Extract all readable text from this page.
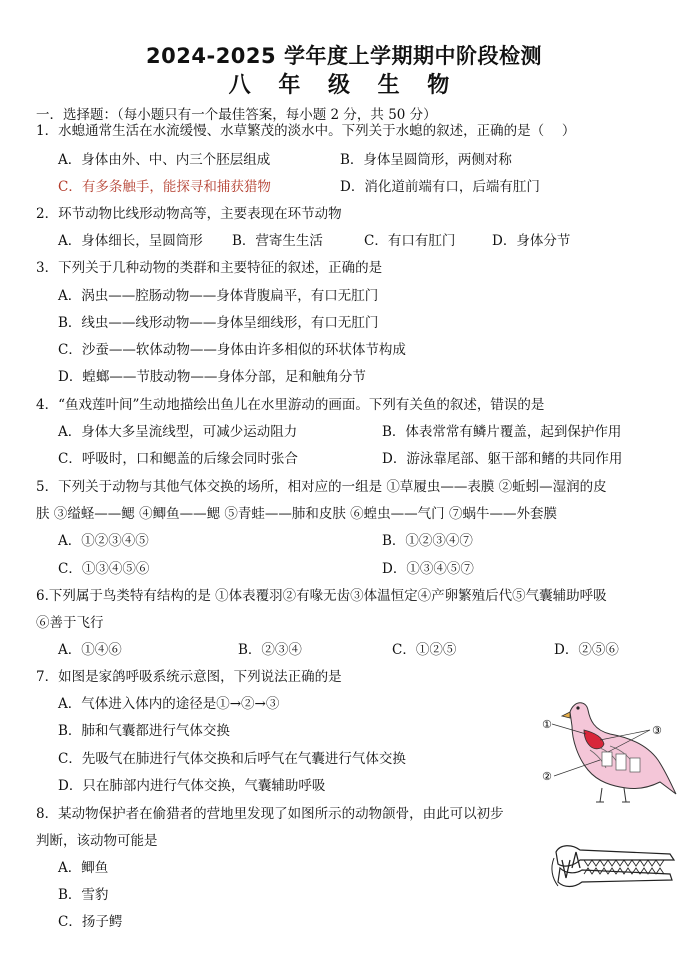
2024-2025 学年度上学期期中阶段检测
八 年 级 生 物
一．选择题：（每小题只有一个最佳答案，每小题 2 分，共 50 分）
1．水螅通常生活在水流缓慢、水草繁茂的淡水中。下列关于水螅的叙述，正确的是（　 ）
A．身体由外、中、内三个胚层组成	B．身体呈圆筒形，两侧对称
C．有多条触手，能探寻和捕获猎物	D．消化道前端有口，后端有肛门
2．环节动物比线形动物高等，主要表现在环节动物
A．身体细长，呈圆筒形 B．营寄生生活	C．有口有肛门	D．身体分节
3．下列关于几种动物的类群和主要特征的叙述，正确的是
A．涡虫——腔肠动物——身体背腹扁平，有口无肛门
B．线虫——线形动物——身体呈细线形，有口无肛门
C．沙蚕——软体动物——身体由许多相似的环状体节构成
D．蝗螂——节肢动物——身体分部，足和触角分节
4．“鱼戏莲叶间”生动地描绘出鱼儿在水里游动的画面。下列有关鱼的叙述，错误的是
A．身体大多呈流线型，可减少运动阻力	B．体表常常有鳞片覆盖，起到保护作用
C．呼吸时，口和鳃盖的后缘会同时张合	D．游泳靠尾部、躯干部和鳍的共同作用
5．下列关于动物与其他气体交换的场所，相对应的一组是 ①草履虫——表膜 ②蚯蚓—湿润的皮
肤 ③缢蛏——鳃 ④鲫鱼——鳃 ⑤青蛙——肺和皮肤 ⑥蝗虫——气门 ⑦蜗牛——外套膜
A．①②③④⑤	B．①②③④⑦
C．①③④⑤⑥	D．①③④⑤⑦
6.下列属于鸟类特有结构的是 ①体表覆羽②有喙无齿③体温恒定④产卵繁殖后代⑤气囊辅助呼吸
⑥善于飞行
A．①④⑥	B．②③④	C．①②⑤	D．②⑤⑥
7．如图是家鸽呼吸系统示意图，下列说法正确的是
A．气体进入体内的途径是①→②→③
B．肺和气囊都进行气体交换
C．先吸气在肺进行气体交换和后呼气在气囊进行气体交换
D．只在肺部内进行气体交换，气囊辅助呼吸
①	③
②
8．某动物保护者在偷猎者的营地里发现了如图所示的动物颌骨，由此可以初步
判断，该动物可能是
A．鲫鱼
B．雪豹
C．扬子鳄
